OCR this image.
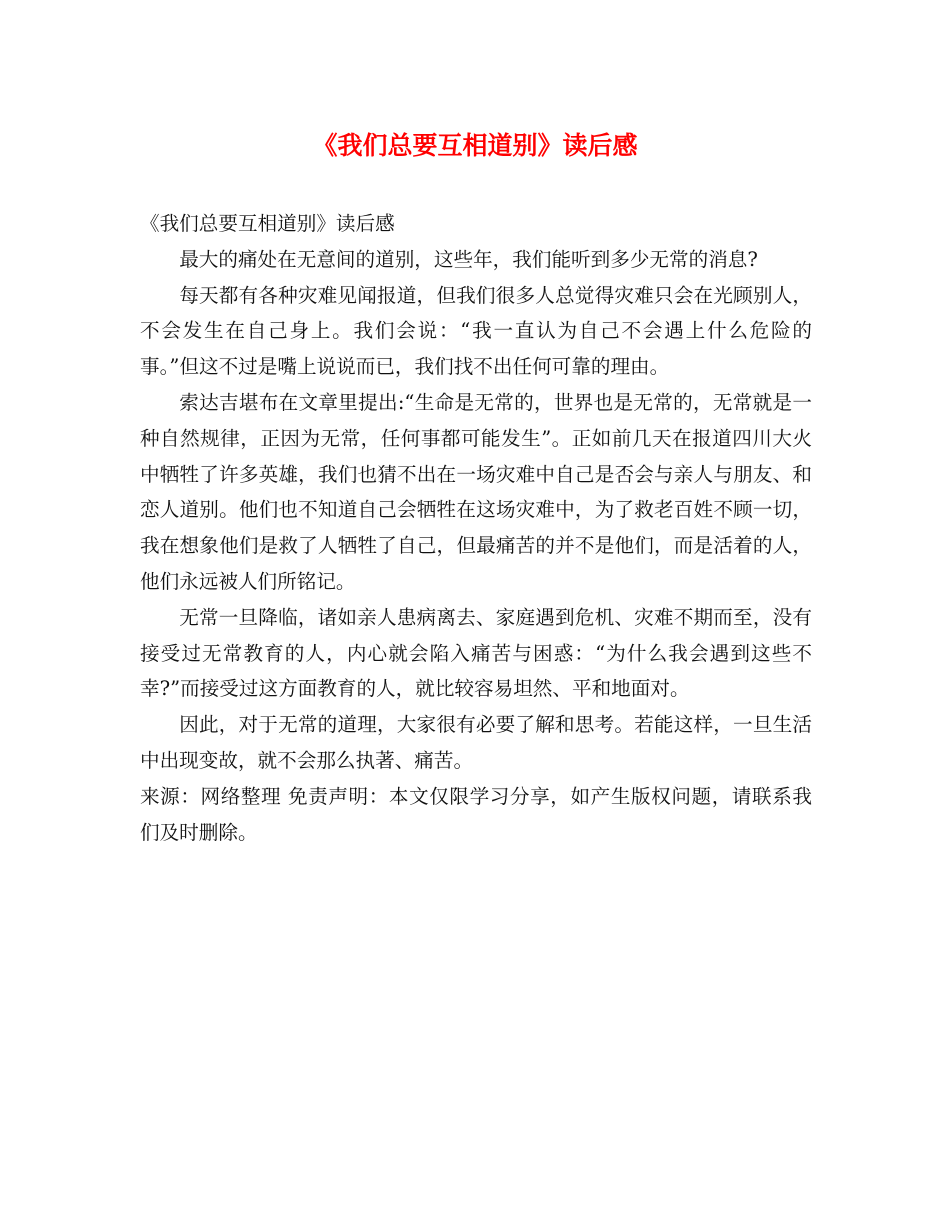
《我们总要互相道别》读后感

《我们总要互相道别》读后感

最大的痛处在无意间的道别，这些年，我们能听到多少无常的消息?

每天都有各种灾难见闻报道，但我们很多人总觉得灾难只会在光顾别人，不会发生在自己身上。我们会说：“我一直认为自己不会遇上什么危险的事。”但这不过是嘴上说说而已，我们找不出任何可靠的理由。

索达吉堪布在文章里提出:“生命是无常的，世界也是无常的，无常就是一种自然规律，正因为无常，任何事都可能发生”。正如前几天在报道四川大火中牺牲了许多英雄，我们也猜不出在一场灾难中自己是否会与亲人与朋友、和恋人道别。他们也不知道自己会牺牲在这场灾难中，为了救老百姓不顾一切，我在想象他们是救了人牺牲了自己，但最痛苦的并不是他们，而是活着的人，他们永远被人们所铭记。

无常一旦降临，诸如亲人患病离去、家庭遇到危机、灾难不期而至，没有接受过无常教育的人，内心就会陷入痛苦与困惑：“为什么我会遇到这些不幸?”而接受过这方面教育的人，就比较容易坦然、平和地面对。

因此，对于无常的道理，大家很有必要了解和思考。若能这样，一旦生活中出现变故，就不会那么执著、痛苦。

来源：网络整理 免责声明：本文仅限学习分享，如产生版权问题，请联系我们及时删除。
